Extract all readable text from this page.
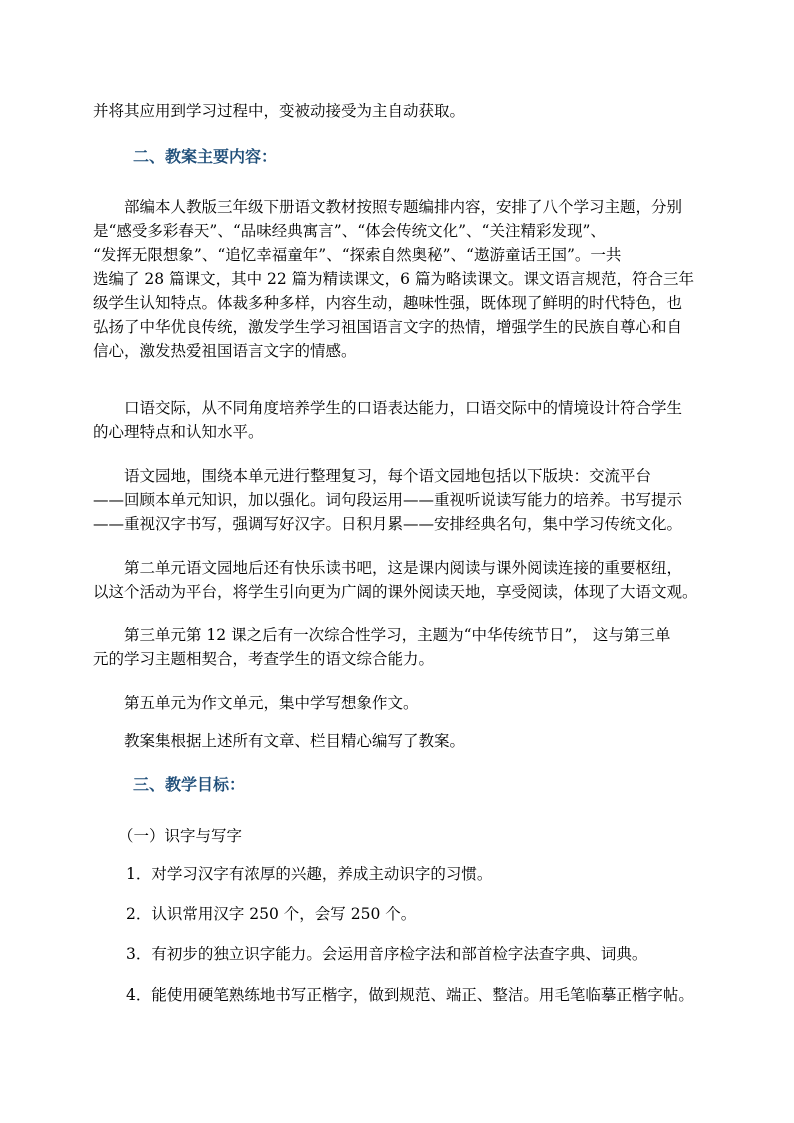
并将其应用到学习过程中，变被动接受为主自动获取。
二、教案主要内容：
部编本人教版三年级下册语文教材按照专题编排内容，安排了八个学习主题，分别
是“感受多彩春天”、“品味经典寓言”、“体会传统文化”、“关注精彩发现”、
“发挥无限想象”、“追忆幸福童年”、“探索自然奥秘”、“遨游童话王国”。一共
选编了 28 篇课文，其中 22 篇为精读课文，6 篇为略读课文。课文语言规范，符合三年
级学生认知特点。体裁多种多样，内容生动，趣味性强，既体现了鲜明的时代特色，也
弘扬了中华优良传统，激发学生学习祖国语言文字的热情，增强学生的民族自尊心和自
信心，激发热爱祖国语言文字的情感。
口语交际，从不同角度培养学生的口语表达能力，口语交际中的情境设计符合学生
的心理特点和认知水平。
语文园地，围绕本单元进行整理复习，每个语文园地包括以下版块：交流平台
——回顾本单元知识，加以强化。词句段运用——重视听说读写能力的培养。书写提示
——重视汉字书写，强调写好汉字。日积月累——安排经典名句，集中学习传统文化。
第二单元语文园地后还有快乐读书吧，这是课内阅读与课外阅读连接的重要枢纽，
以这个活动为平台，将学生引向更为广阔的课外阅读天地，享受阅读，体现了大语文观。
第三单元第 12 课之后有一次综合性学习，主题为“中华传统节日”， 这与第三单
元的学习主题相契合，考查学生的语文综合能力。
第五单元为作文单元，集中学写想象作文。
教案集根据上述所有文章、栏目精心编写了教案。
三、教学目标：
（一）识字与写字
1．对学习汉字有浓厚的兴趣，养成主动识字的习惯。
2．认识常用汉字 250 个，会写 250 个。
3．有初步的独立识字能力。会运用音序检字法和部首检字法查字典、词典。
4．能使用硬笔熟练地书写正楷字，做到规范、端正、整洁。用毛笔临摹正楷字帖。
